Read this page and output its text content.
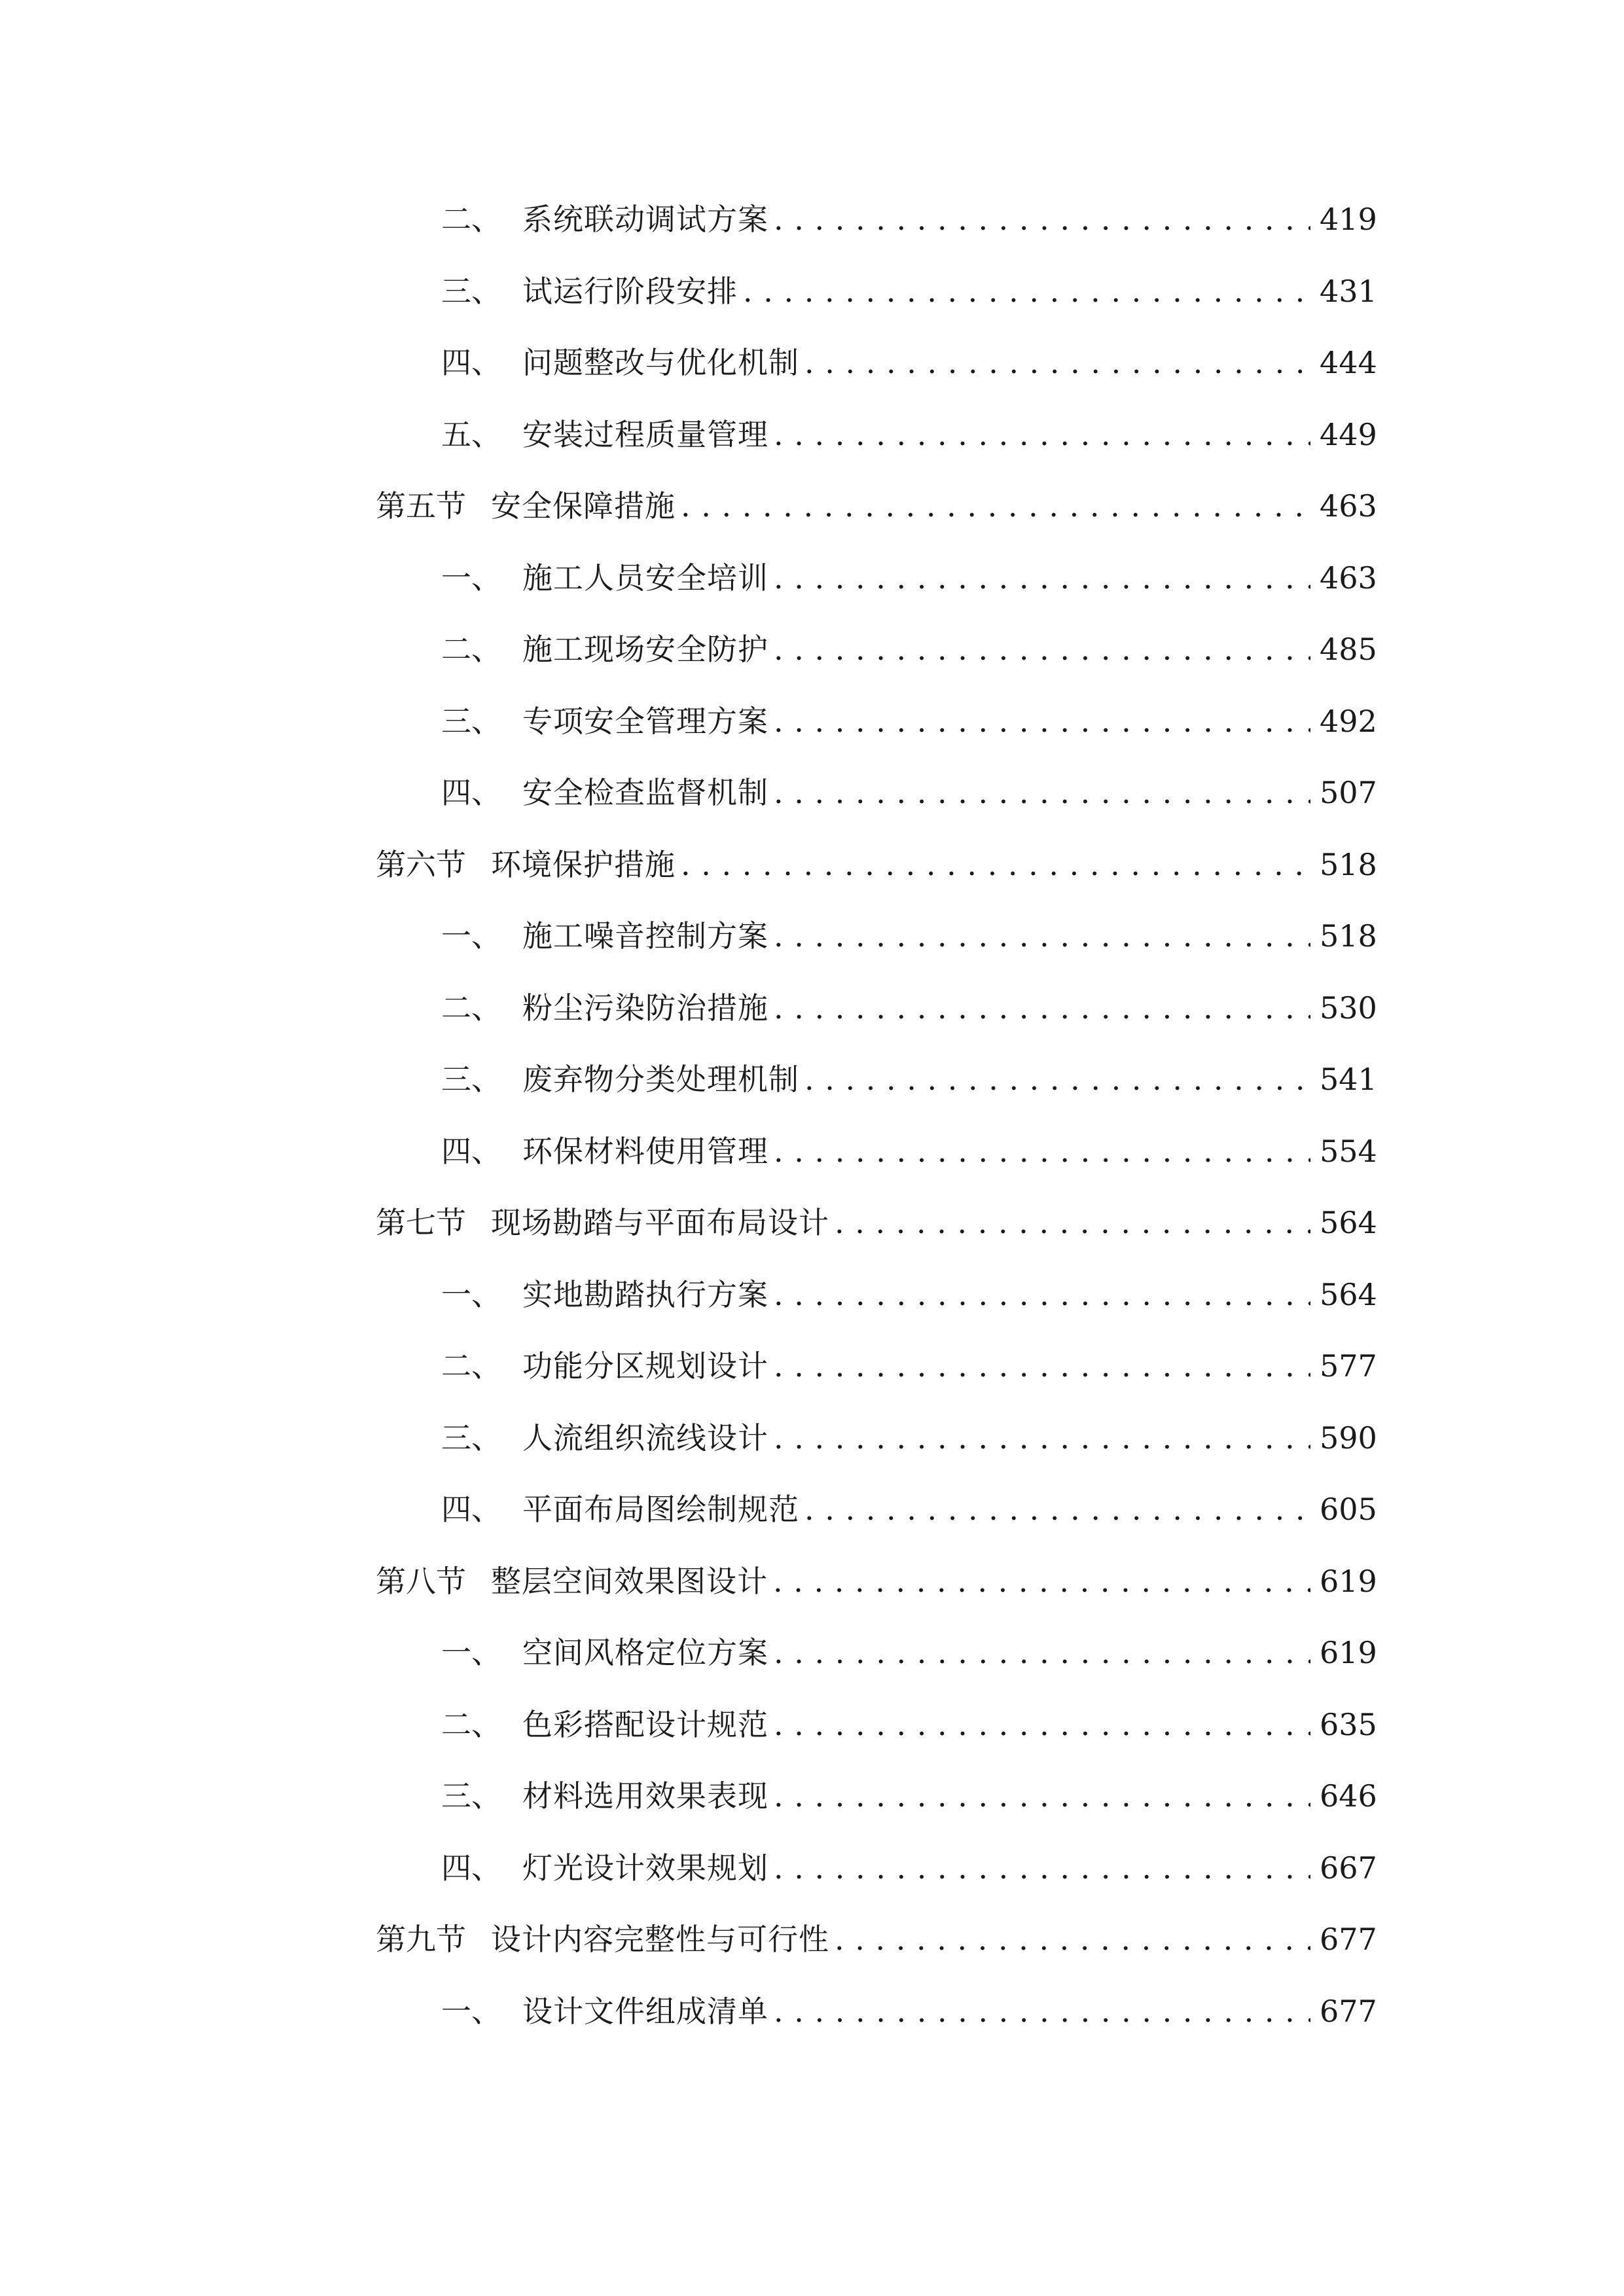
二、 系统联动调试方案 . . .	419
三、 试运行阶段安排 . . .	431
四、 问题整改与优化机制 . . .	444
五、 安装过程质量管理 . . .	449
第五节 安全保障措施 . . .	463
一、 施工人员安全培训 . . .	463
二、 施工现场安全防护 . . .	485
三、 专项安全管理方案 . . .	492
四、 安全检查监督机制 . . .	507
第六节 环境保护措施 . . .	518
一、 施工噪音控制方案 . . .	518
二、 粉尘污染防治措施 . . .	530
三、 废弃物分类处理机制 . . .	541
四、 环保材料使用管理 . . .	554
第七节 现场勘踏与平面布局设计 . . .	564
一、 实地勘踏执行方案 . . .	564
二、 功能分区规划设计 . . .	577
三、 人流组织流线设计 . . .	590
四、 平面布局图绘制规范 . . .	605
第八节 整层空间效果图设计 . . .	619
一、 空间风格定位方案 . . .	619
二、 色彩搭配设计规范 . . .	635
三、 材料选用效果表现 . . .	646
四、 灯光设计效果规划 . . .	667
第九节 设计内容完整性与可行性 . . .	677
一、 设计文件组成清单 . . .	677
